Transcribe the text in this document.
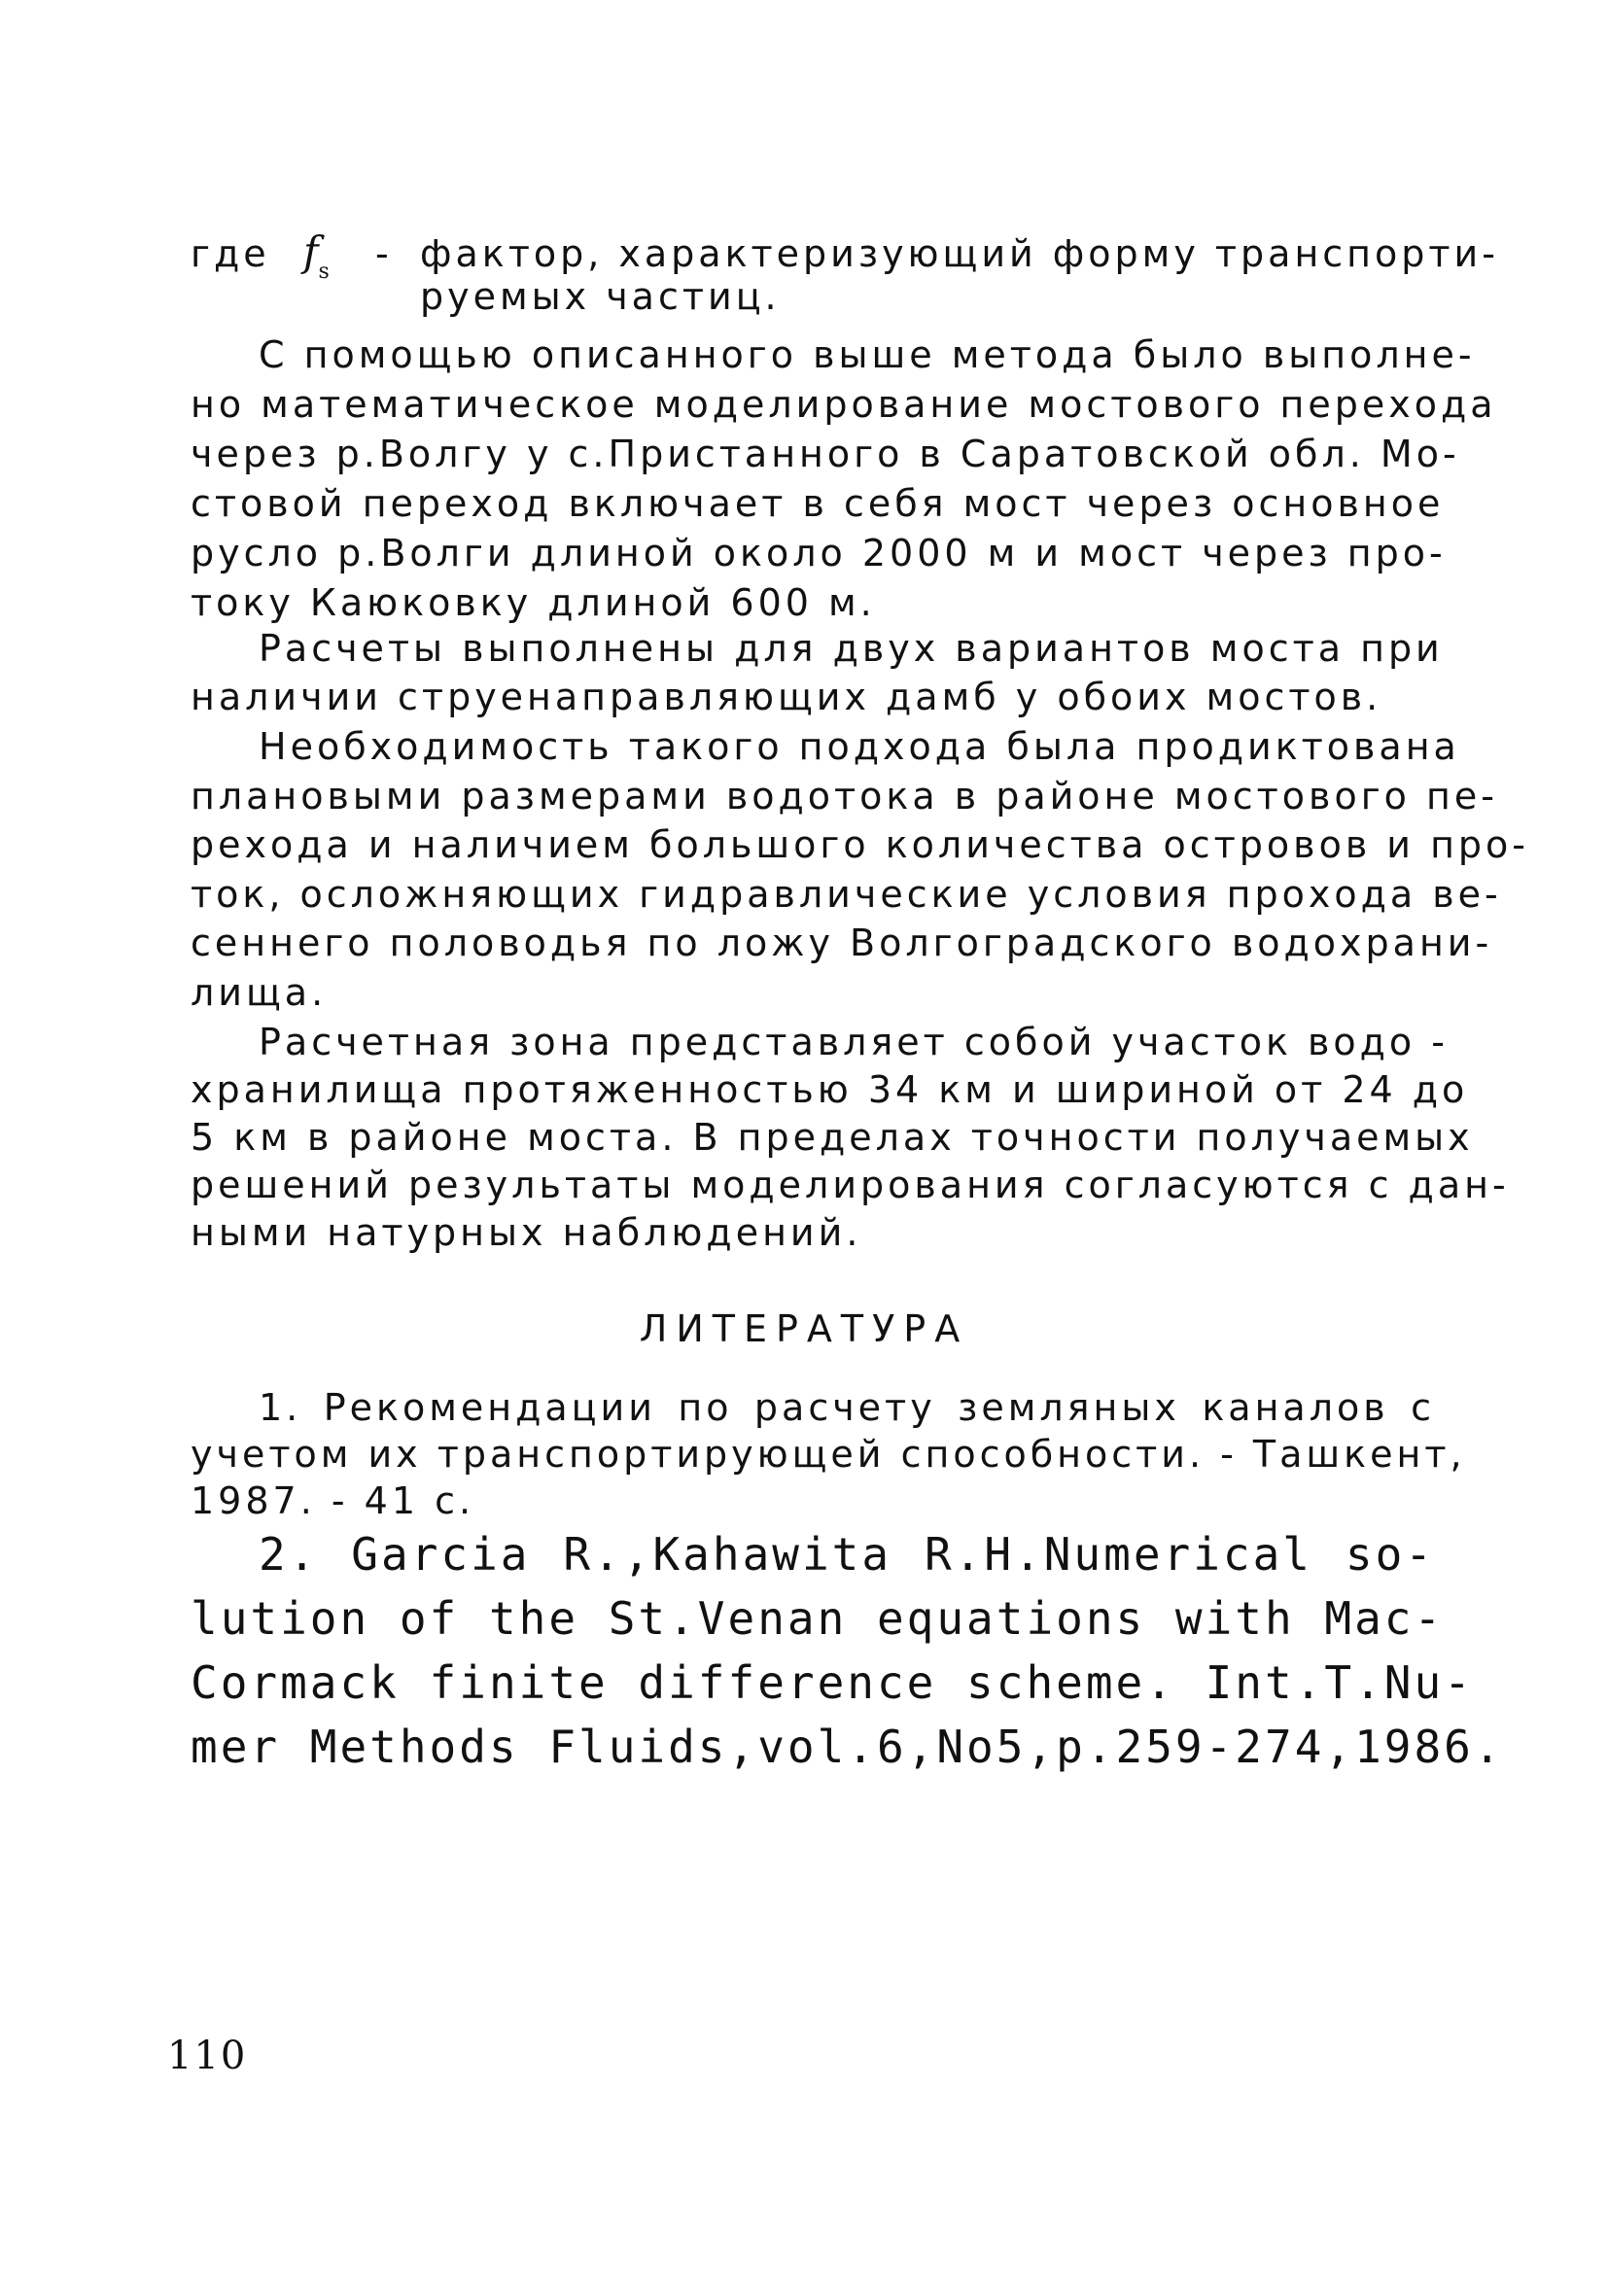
где $f_s$ - фактор, характеризующий форму транспорти-
руемых частиц.
С помощью описанного выше метода было выполне-
но математическое моделирование мостового перехода
через р.Волгу у с.Пристанного в Саратовской обл. Мо-
стовой переход включает в себя мост через основное
русло р.Волги длиной около 2000 м и мост через про-
току Каюковку длиной 600 м.
Расчеты выполнены для двух вариантов моста при
наличии струенаправляющих дамб у обоих мостов.
Необходимость такого подхода была продиктована
плановыми размерами водотока в районе мостового пе-
рехода и наличием большого количества островов и про-
ток, осложняющих гидравлические условия прохода ве-
сеннего половодья по ложу Волгоградского водохрани-
лища.
Расчетная зона представляет собой участок водо -
хранилища протяженностью 34 км и шириной от 24 до
5 км в районе моста. В пределах точности получаемых
решений результаты моделирования согласуются с дан-
ными натурных наблюдений.
ЛИТЕРАТУРА
1. Рекомендации по расчету земляных каналов с
учетом их транспортирующей способности. - Ташкент,
1987. - 41 с.
2. Garcia R.,Kahawita R.H.Numerical so-
lution of the St.Venan equations with Mac-
Cormack finite difference scheme. Int.T.Nu-
mer Methods Fluids,vol.6,No5,p.259-274,1986.
110
